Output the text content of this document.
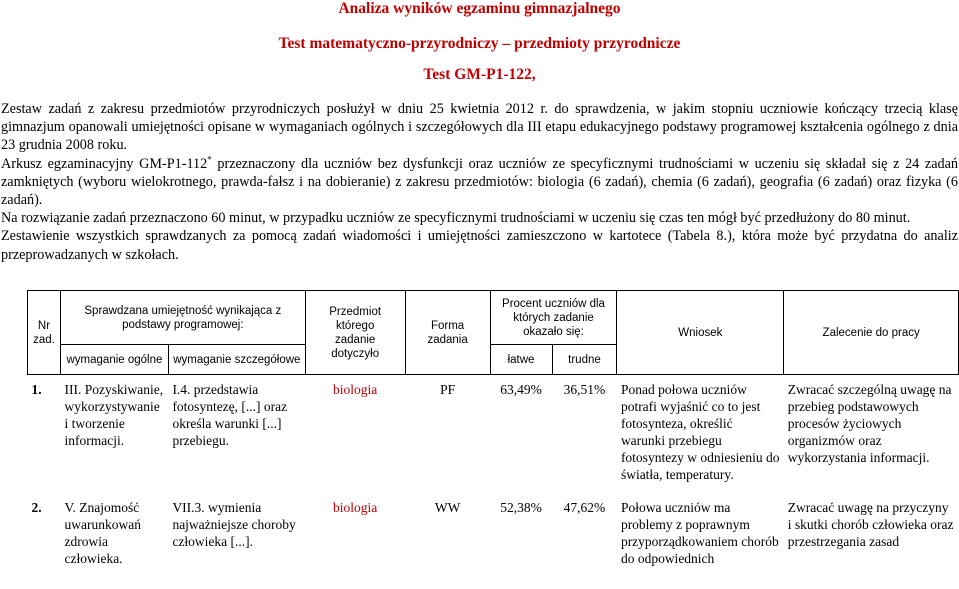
Analiza wyników egzaminu gimnazjalnego
Test matematyczno-przyrodniczy – przedmioty przyrodnicze
Test GM-P1-122,

Zestaw zadań z zakresu przedmiotów przyrodniczych posłużył w dniu 25 kwietnia 2012 r. do sprawdzenia, w jakim stopniu uczniowie kończący trzecią klasę gimnazjum opanowali umiejętności opisane w wymaganiach ogólnych i szczegółowych dla III etapu edukacyjnego podstawy programowej kształcenia ogólnego z dnia 23 grudnia 2008 roku.

Arkusz egzaminacyjny GM-P1-112* przeznaczony dla uczniów bez dysfunkcji oraz uczniów ze specyficznymi trudnościami w uczeniu się składał się z 24 zadań zamkniętych (wyboru wielokrotnego, prawda-fałsz i na dobieranie) z zakresu przedmiotów: biologia (6 zadań), chemia (6 zadań), geografia (6 zadań) oraz fizyka (6 zadań).

Na rozwiązanie zadań przeznaczono 60 minut, w przypadku uczniów ze specyficznymi trudnościami w uczeniu się czas ten mógł być przedłużony do 80 minut.

Zestawienie wszystkich sprawdzanych za pomocą zadań wiadomości i umiejętności zamieszczono w kartotece (Tabela 8.), która może być przydatna do analiz przeprowadzanych w szkołach.

Nr zad.	Sprawdzana umiejętność wynikająca z podstawy programowej:		Przedmiot którego zadanie dotyczyło	Forma zadania	Procent uczniów dla których zadanie okazało się:		Wniosek	Zalecenie do pracy
	wymaganie ogólne	wymaganie szczegółowe			łatwe	trudne		

1.	III. Pozyskiwanie, wykorzystywanie i tworzenie informacji.	I.4. przedstawia fotosyntezę, [...] oraz określa warunki [...] przebiegu.	biologia	PF	63,49%	36,51%	Ponad połowa uczniów potrafi wyjaśnić co to jest fotosynteza, określić warunki przebiegu fotosyntezy w odniesieniu do światła, temperatury.	Zwracać szczególną uwagę na przebieg podstawowych procesów życiowych organizmów oraz wykorzystania informacji.
2.	V. Znajomość uwarunkowań zdrowia człowieka.	VII.3. wymienia najważniejsze choroby człowieka [...].	biologia	WW	52,38%	47,62%	Połowa uczniów ma problemy z poprawnym przyporządkowaniem chorób do odpowiednich	Zwracać uwagę na przyczyny i skutki chorób człowieka oraz przestrzegania zasad
